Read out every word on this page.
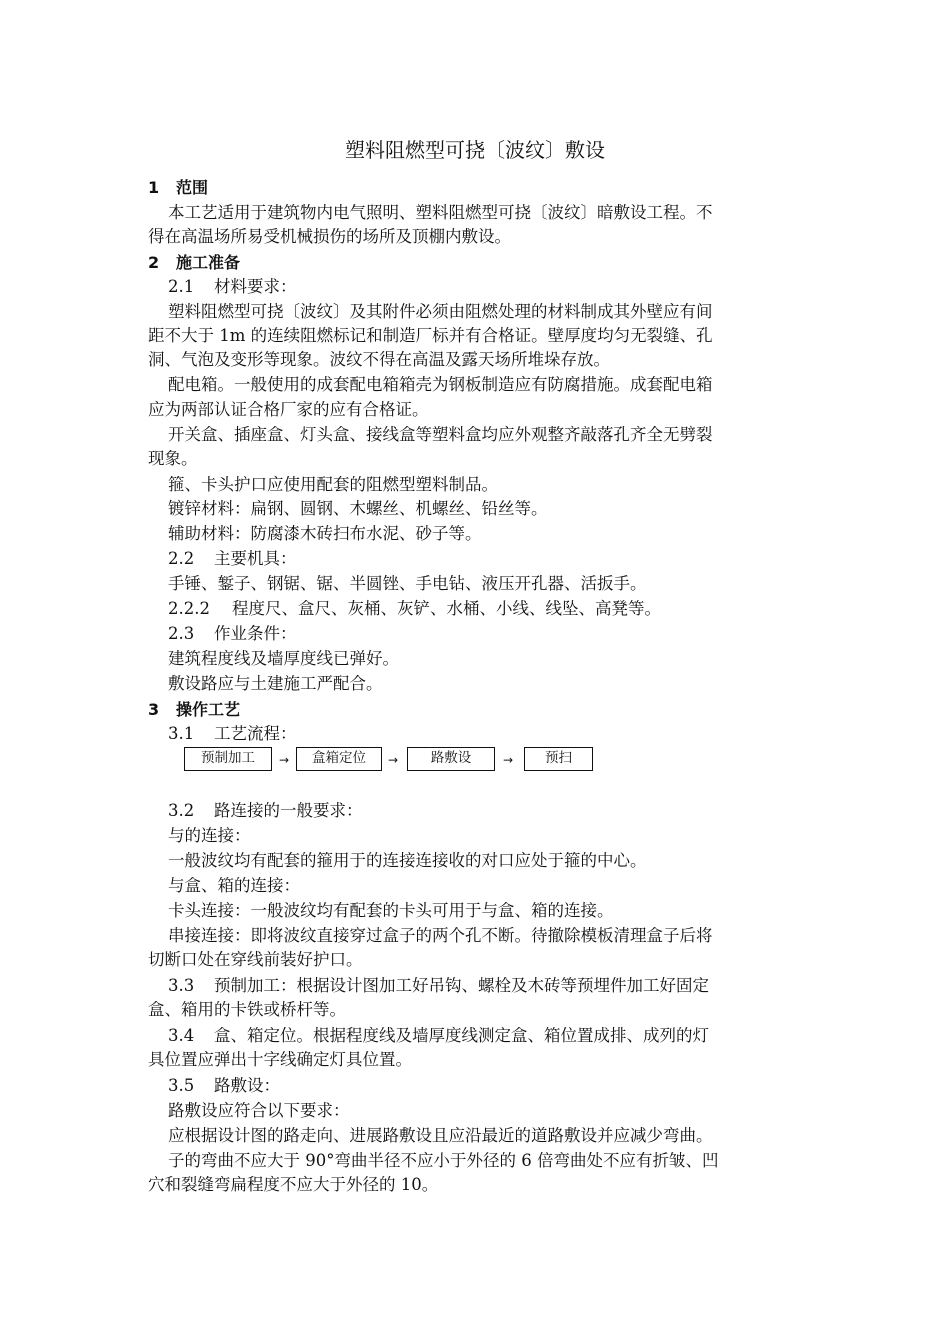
塑料阻燃型可挠〔波纹〕敷设
1 范围
本工艺适用于建筑物内电气照明、塑料阻燃型可挠〔波纹〕暗敷设工程。不
得在高温场所易受机械损伤的场所及顶棚内敷设。
2 施工准备
2.1 材料要求：
塑料阻燃型可挠〔波纹〕及其附件必须由阻燃处理的材料制成其外壁应有间
距不大于 1m 的连续阻燃标记和制造厂标并有合格证。壁厚度均匀无裂缝、孔
洞、气泡及变形等现象。波纹不得在高温及露天场所堆垛存放。
配电箱。一般使用的成套配电箱箱壳为钢板制造应有防腐措施。成套配电箱
应为两部认证合格厂家的应有合格证。
开关盒、插座盒、灯头盒、接线盒等塑料盒均应外观整齐敲落孔齐全无劈裂
现象。
箍、卡头护口应使用配套的阻燃型塑料制品。
镀锌材料：扁钢、圆钢、木螺丝、机螺丝、铅丝等。
辅助材料：防腐漆木砖扫布水泥、砂子等。
2.2 主要机具：
手锤、錾子、钢锯、锯、半圆锉、手电钻、液压开孔器、活扳手。
2.2.2 程度尺、盒尺、灰桶、灰铲、水桶、小线、线坠、高凳等。
2.3 作业条件：
建筑程度线及墙厚度线已弹好。
敷设路应与土建施工严配合。
3 操作工艺
3.1 工艺流程：
预制加工	→	盒箱定位	→	路敷设	→	预扫
3.2 路连接的一般要求：
与的连接：
一般波纹均有配套的箍用于的连接连接收的对口应处于箍的中心。
与盒、箱的连接：
卡头连接：一般波纹均有配套的卡头可用于与盒、箱的连接。
串接连接：即将波纹直接穿过盒子的两个孔不断。待撤除模板清理盒子后将
切断口处在穿线前装好护口。
3.3 预制加工：根据设计图加工好吊钩、螺栓及木砖等预埋件加工好固定
盒、箱用的卡铁或桥杆等。
3.4 盒、箱定位。根据程度线及墙厚度线测定盒、箱位置成排、成列的灯
具位置应弹出十字线确定灯具位置。
3.5 路敷设：
路敷设应符合以下要求：
应根据设计图的路走向、进展路敷设且应沿最近的道路敷设并应减少弯曲。
子的弯曲不应大于 90°弯曲半径不应小于外径的 6 倍弯曲处不应有折皱、凹
穴和裂缝弯扁程度不应大于外径的 10。
